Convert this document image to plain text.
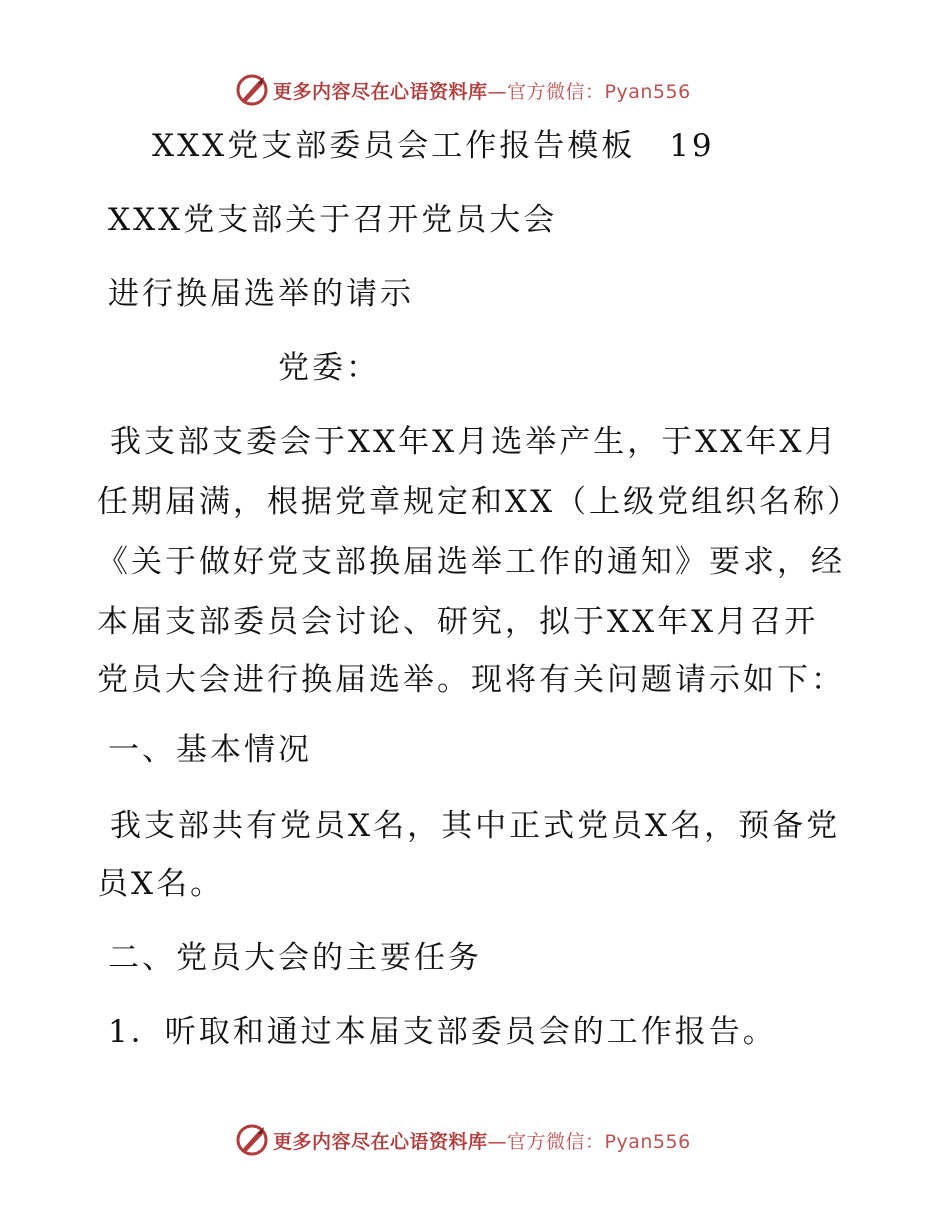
更多内容尽在心语资料库—官方微信：Pyan556

XXX党支部委员会工作报告模板　19

XXX党支部关于召开党员大会

进行换届选举的请示

党委：

我支部支委会于XX年X月选举产生，于XX年X月

任期届满，根据党章规定和XX（上级党组织名称）

《关于做好党支部换届选举工作的通知》要求，经

本届支部委员会讨论、研究，拟于XX年X月召开

党员大会进行换届选举。现将有关问题请示如下：

一、基本情况

我支部共有党员X名，其中正式党员X名，预备党

员X名。

二、党员大会的主要任务

1．听取和通过本届支部委员会的工作报告。

更多内容尽在心语资料库—官方微信：Pyan556
